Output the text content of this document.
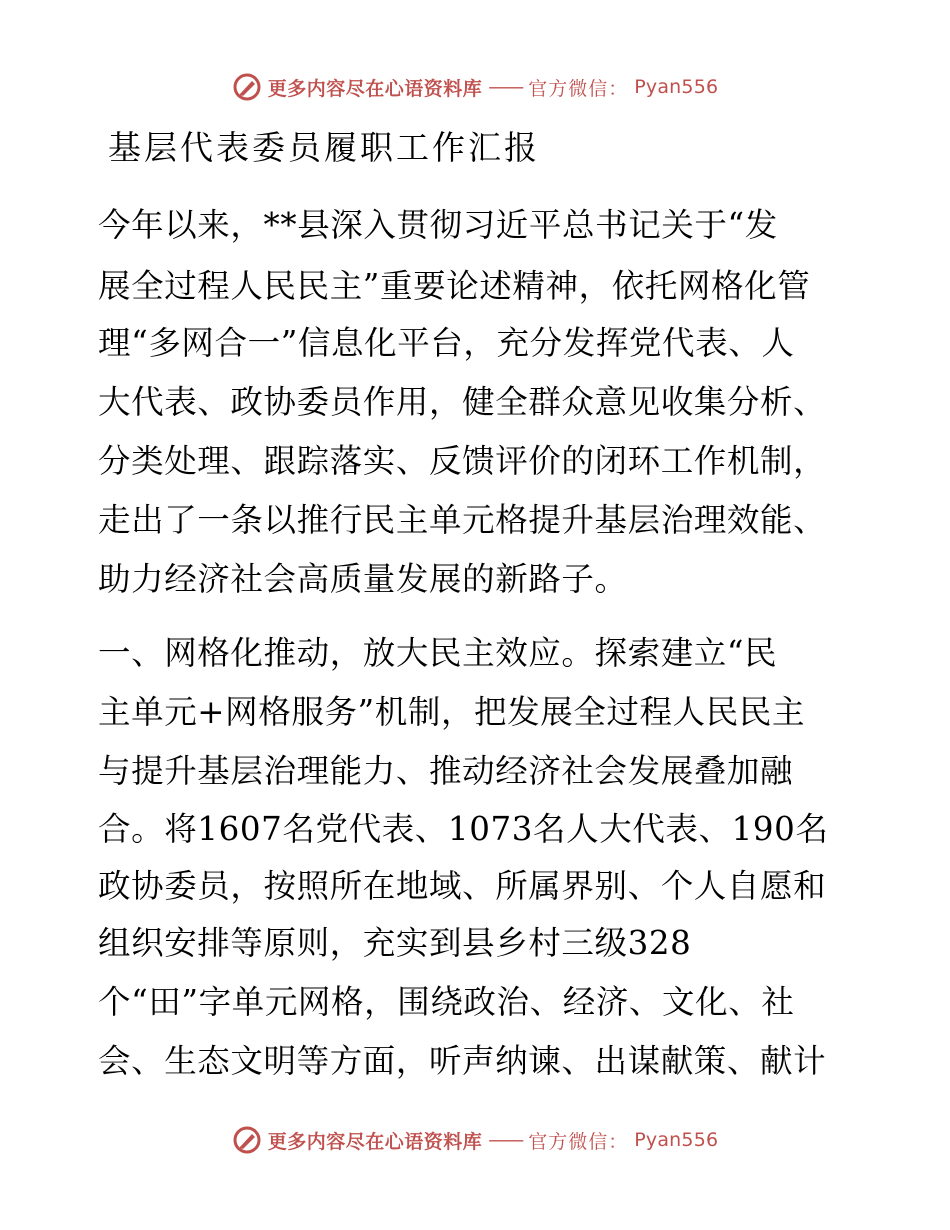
更多内容尽在心语资料库 —— 官方微信： Pyan556
基层代表委员履职工作汇报
今年以来，**县深入贯彻习近平总书记关于“发
展全过程人民民主”重要论述精神，依托网格化管
理“多网合一”信息化平台，充分发挥党代表、人
大代表、政协委员作用，健全群众意见收集分析、
分类处理、跟踪落实、反馈评价的闭环工作机制，
走出了一条以推行民主单元格提升基层治理效能、
助力经济社会高质量发展的新路子。
一、网格化推动，放大民主效应。探索建立“民
主单元+网格服务”机制，把发展全过程人民民主
与提升基层治理能力、推动经济社会发展叠加融
合。将1607名党代表、1073名人大代表、190名
政协委员，按照所在地域、所属界别、个人自愿和
组织安排等原则，充实到县乡村三级328
个“田”字单元网格，围绕政治、经济、文化、社
会、生态文明等方面，听声纳谏、出谋献策、献计
更多内容尽在心语资料库 —— 官方微信： Pyan556
